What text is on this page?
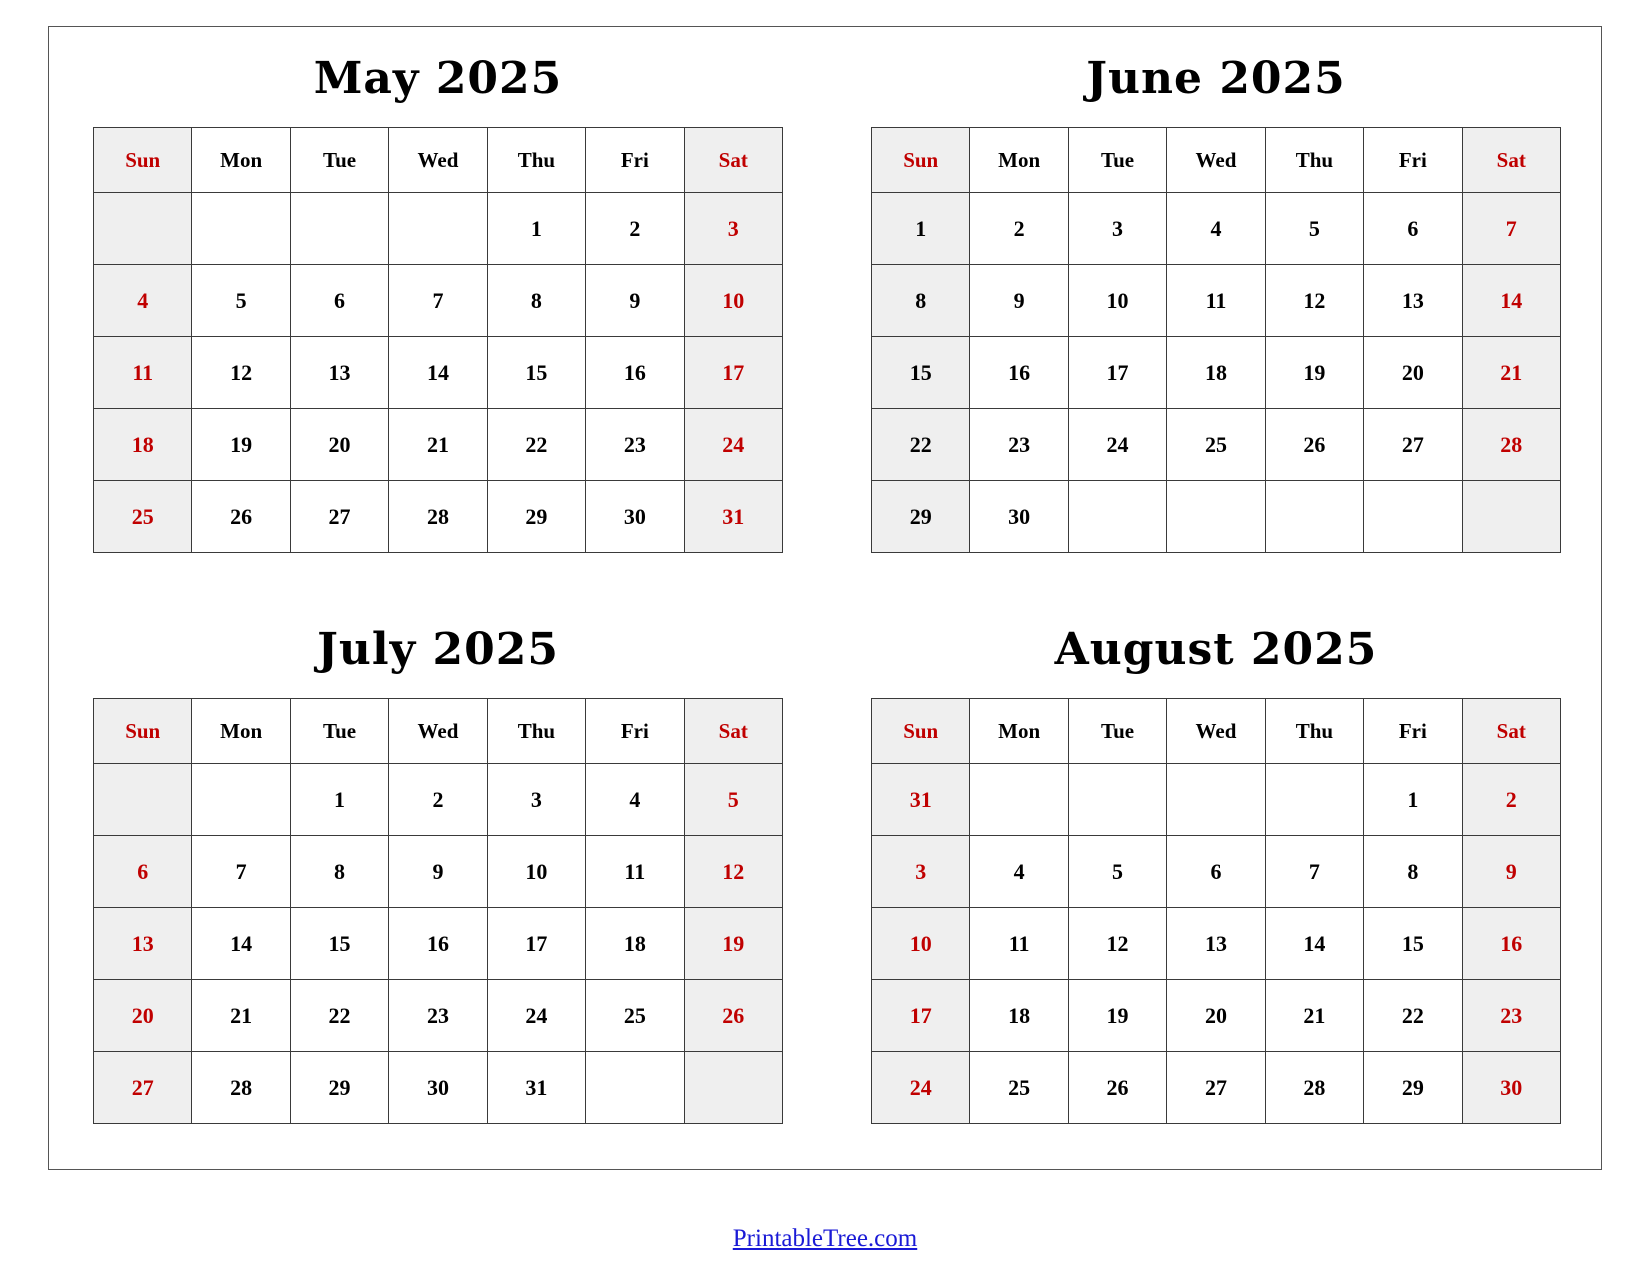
May 2025
Sun	Mon	Tue	Wed	Thu	Fri	Sat
				1	2	3
4	5	6	7	8	9	10
11	12	13	14	15	16	17
18	19	20	21	22	23	24
25	26	27	28	29	30	31
June 2025
Sun	Mon	Tue	Wed	Thu	Fri	Sat
1	2	3	4	5	6	7
8	9	10	11	12	13	14
15	16	17	18	19	20	21
22	23	24	25	26	27	28
29	30					
July 2025
Sun	Mon	Tue	Wed	Thu	Fri	Sat
		1	2	3	4	5
6	7	8	9	10	11	12
13	14	15	16	17	18	19
20	21	22	23	24	25	26
27	28	29	30	31		
August 2025
Sun	Mon	Tue	Wed	Thu	Fri	Sat
31					1	2
3	4	5	6	7	8	9
10	11	12	13	14	15	16
17	18	19	20	21	22	23
24	25	26	27	28	29	30
PrintableTree.com
